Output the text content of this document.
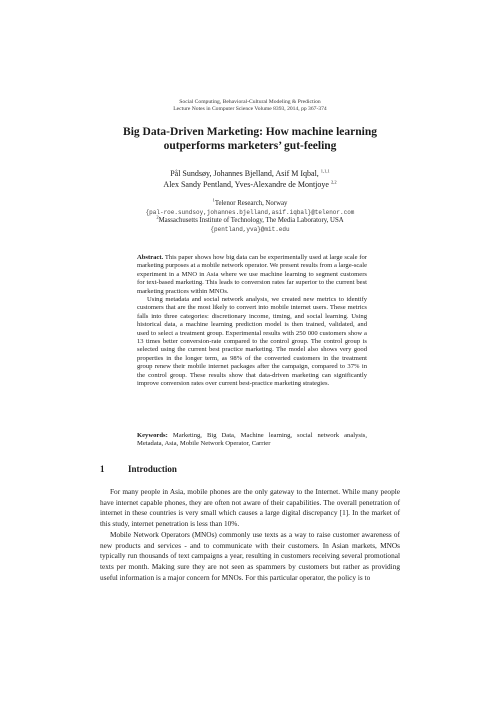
Social Computing, Behavioral-Cultural Modeling & Prediction
Lecture Notes in Computer Science Volume 8393, 2014, pp 367-374
Big Data-Driven Marketing: How machine learning
outperforms marketers’ gut-feeling
Pål Sundsøy, Johannes Bjelland, Asif M Iqbal, $^{1,1,1}$
Alex Sandy Pentland, Yves-Alexandre de Montjoye $^{2,2}$
$^1$Telenor Research, Norway
{pal-roe.sundsoy,johannes.bjelland,asif.iqbal}@telenor.com
$^2$Massachusetts Institute of Technology, The Media Laboratory, USA
{pentland,yva}@mit.edu

Abstract. This paper shows how big data can be experimentally used at large scale for marketing purposes at a mobile network operator. We present results from a large-scale experiment in a MNO in Asia where we use machine learning to segment customers for text-based marketing. This leads to conversion rates far superior to the current best marketing practices within MNOs.

Using metadata and social network analysis, we created new metrics to identify customers that are the most likely to convert into mobile internet users. These metrics falls into three categories: discretionary income, timing, and social learning. Using historical data, a machine learning prediction model is then trained, validated, and used to select a treatment group. Experimental results with 250 000 customers show a 13 times better conversion-rate compared to the control group. The control group is selected using the current best practice marketing. The model also shows very good properties in the longer term, as 98% of the converted customers in the treatment group renew their mobile internet packages after the campaign, compared to 37% in the control group. These results show that data-driven marketing can significantly improve conversion rates over current best-practice marketing strategies.

Keywords: Marketing, Big Data, Machine learning, social network analysis, Metadata, Asia, Mobile Network Operator, Carrier

1	Introduction

For many people in Asia, mobile phones are the only gateway to the Internet. While many people have internet capable phones, they are often not aware of their capabilities. The overall penetration of internet in these countries is very small which causes a large digital discrepancy [1]. In the market of this study, internet penetration is less than 10%.

Mobile Network Operators (MNOs) commonly use texts as a way to raise customer awareness of new products and services - and to communicate with their customers. In Asian markets, MNOs typically run thousands of text campaigns a year, resulting in customers receiving several promotional texts per month. Making sure they are not seen as spammers by customers but rather as providing useful information is a major concern for MNOs. For this particular operator, the policy is to
